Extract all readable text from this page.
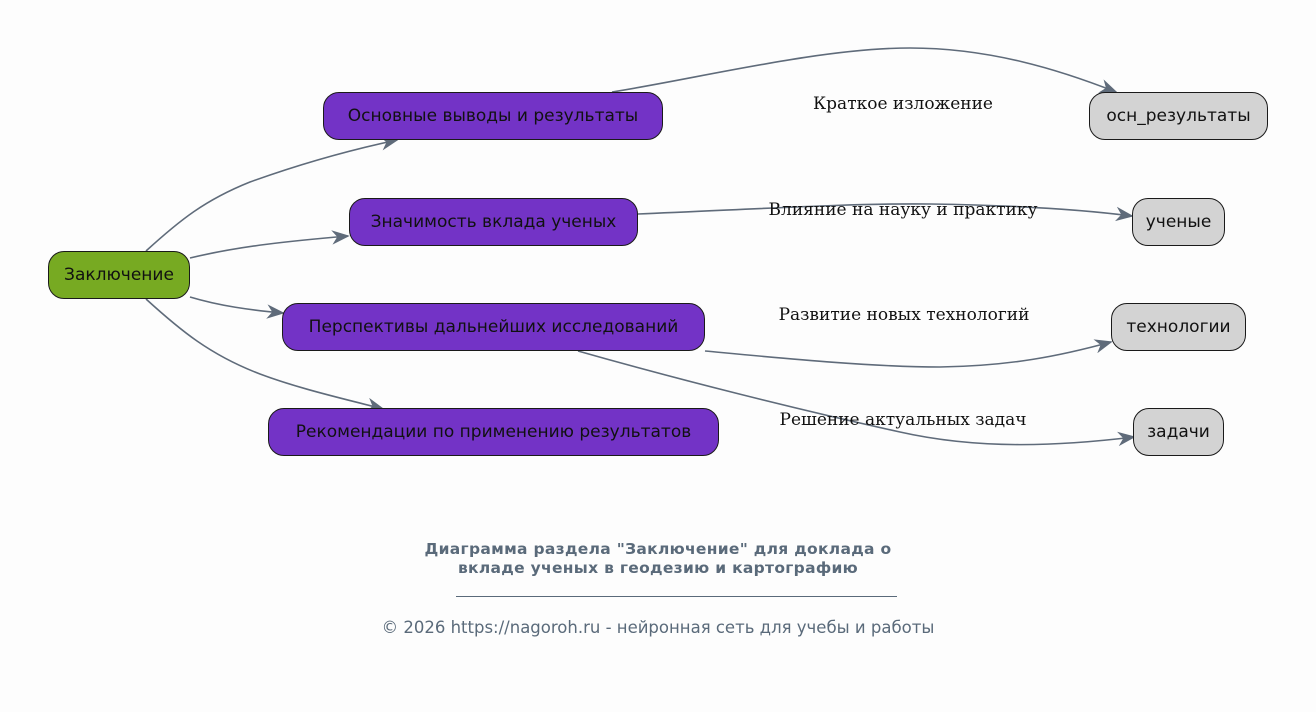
Заключение
Основные выводы и результаты
Значимость вклада ученых
Перспективы дальнейших исследований
Рекомендации по применению результатов
осн_результаты
ученые
технологии
задачи
Краткое изложение
Влияние на науку и практику
Развитие новых технологий
Решение актуальных задач
Диаграмма раздела "Заключение" для доклада о
вкладе ученых в геодезию и картографию
© 2026 https://nagoroh.ru - нейронная сеть для учебы и работы
